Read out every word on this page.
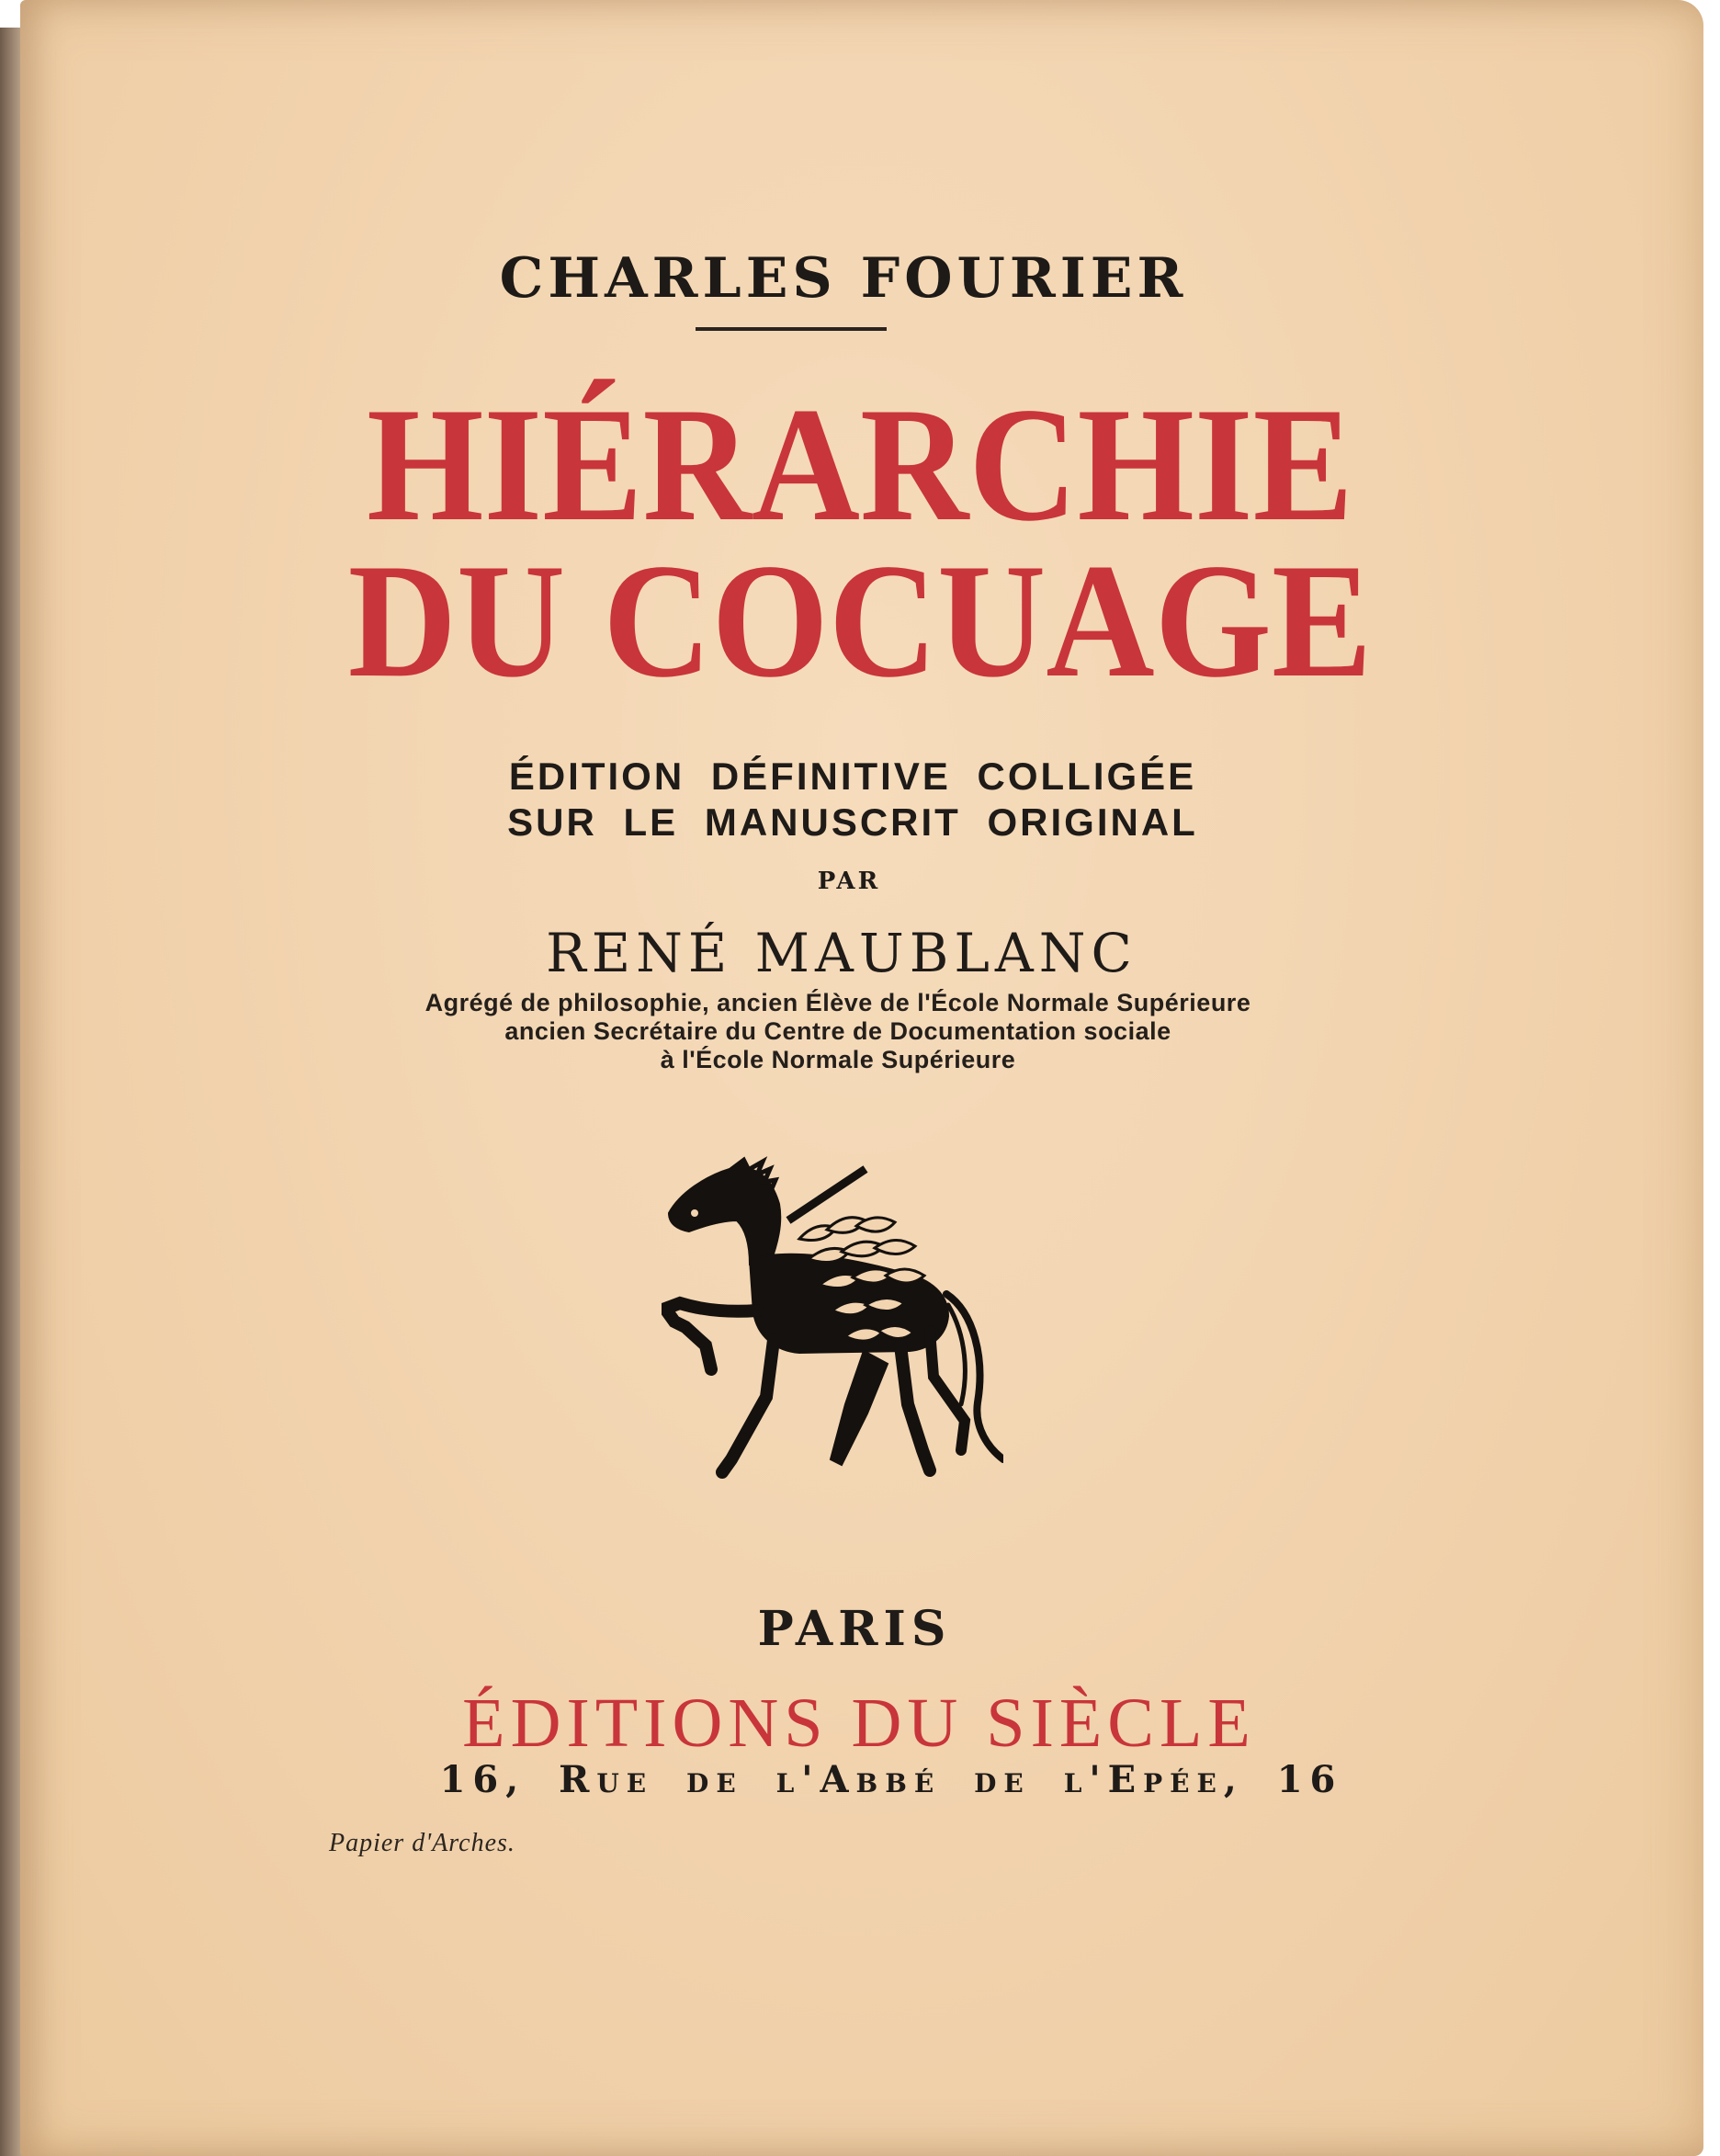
CHARLES FOURIER
HIÉRARCHIE
DU COCUAGE
ÉDITION DÉFINITIVE COLLIGÉE
SUR LE MANUSCRIT ORIGINAL
PAR
RENÉ MAUBLANC
Agrégé de philosophie, ancien Élève de l'École Normale Supérieure
ancien Secrétaire du Centre de Documentation sociale
à l'École Normale Supérieure
PARIS
ÉDITIONS DU SIÈCLE
16, Rue de l'Abbé de l'Epée, 16
Papier d'Arches.
